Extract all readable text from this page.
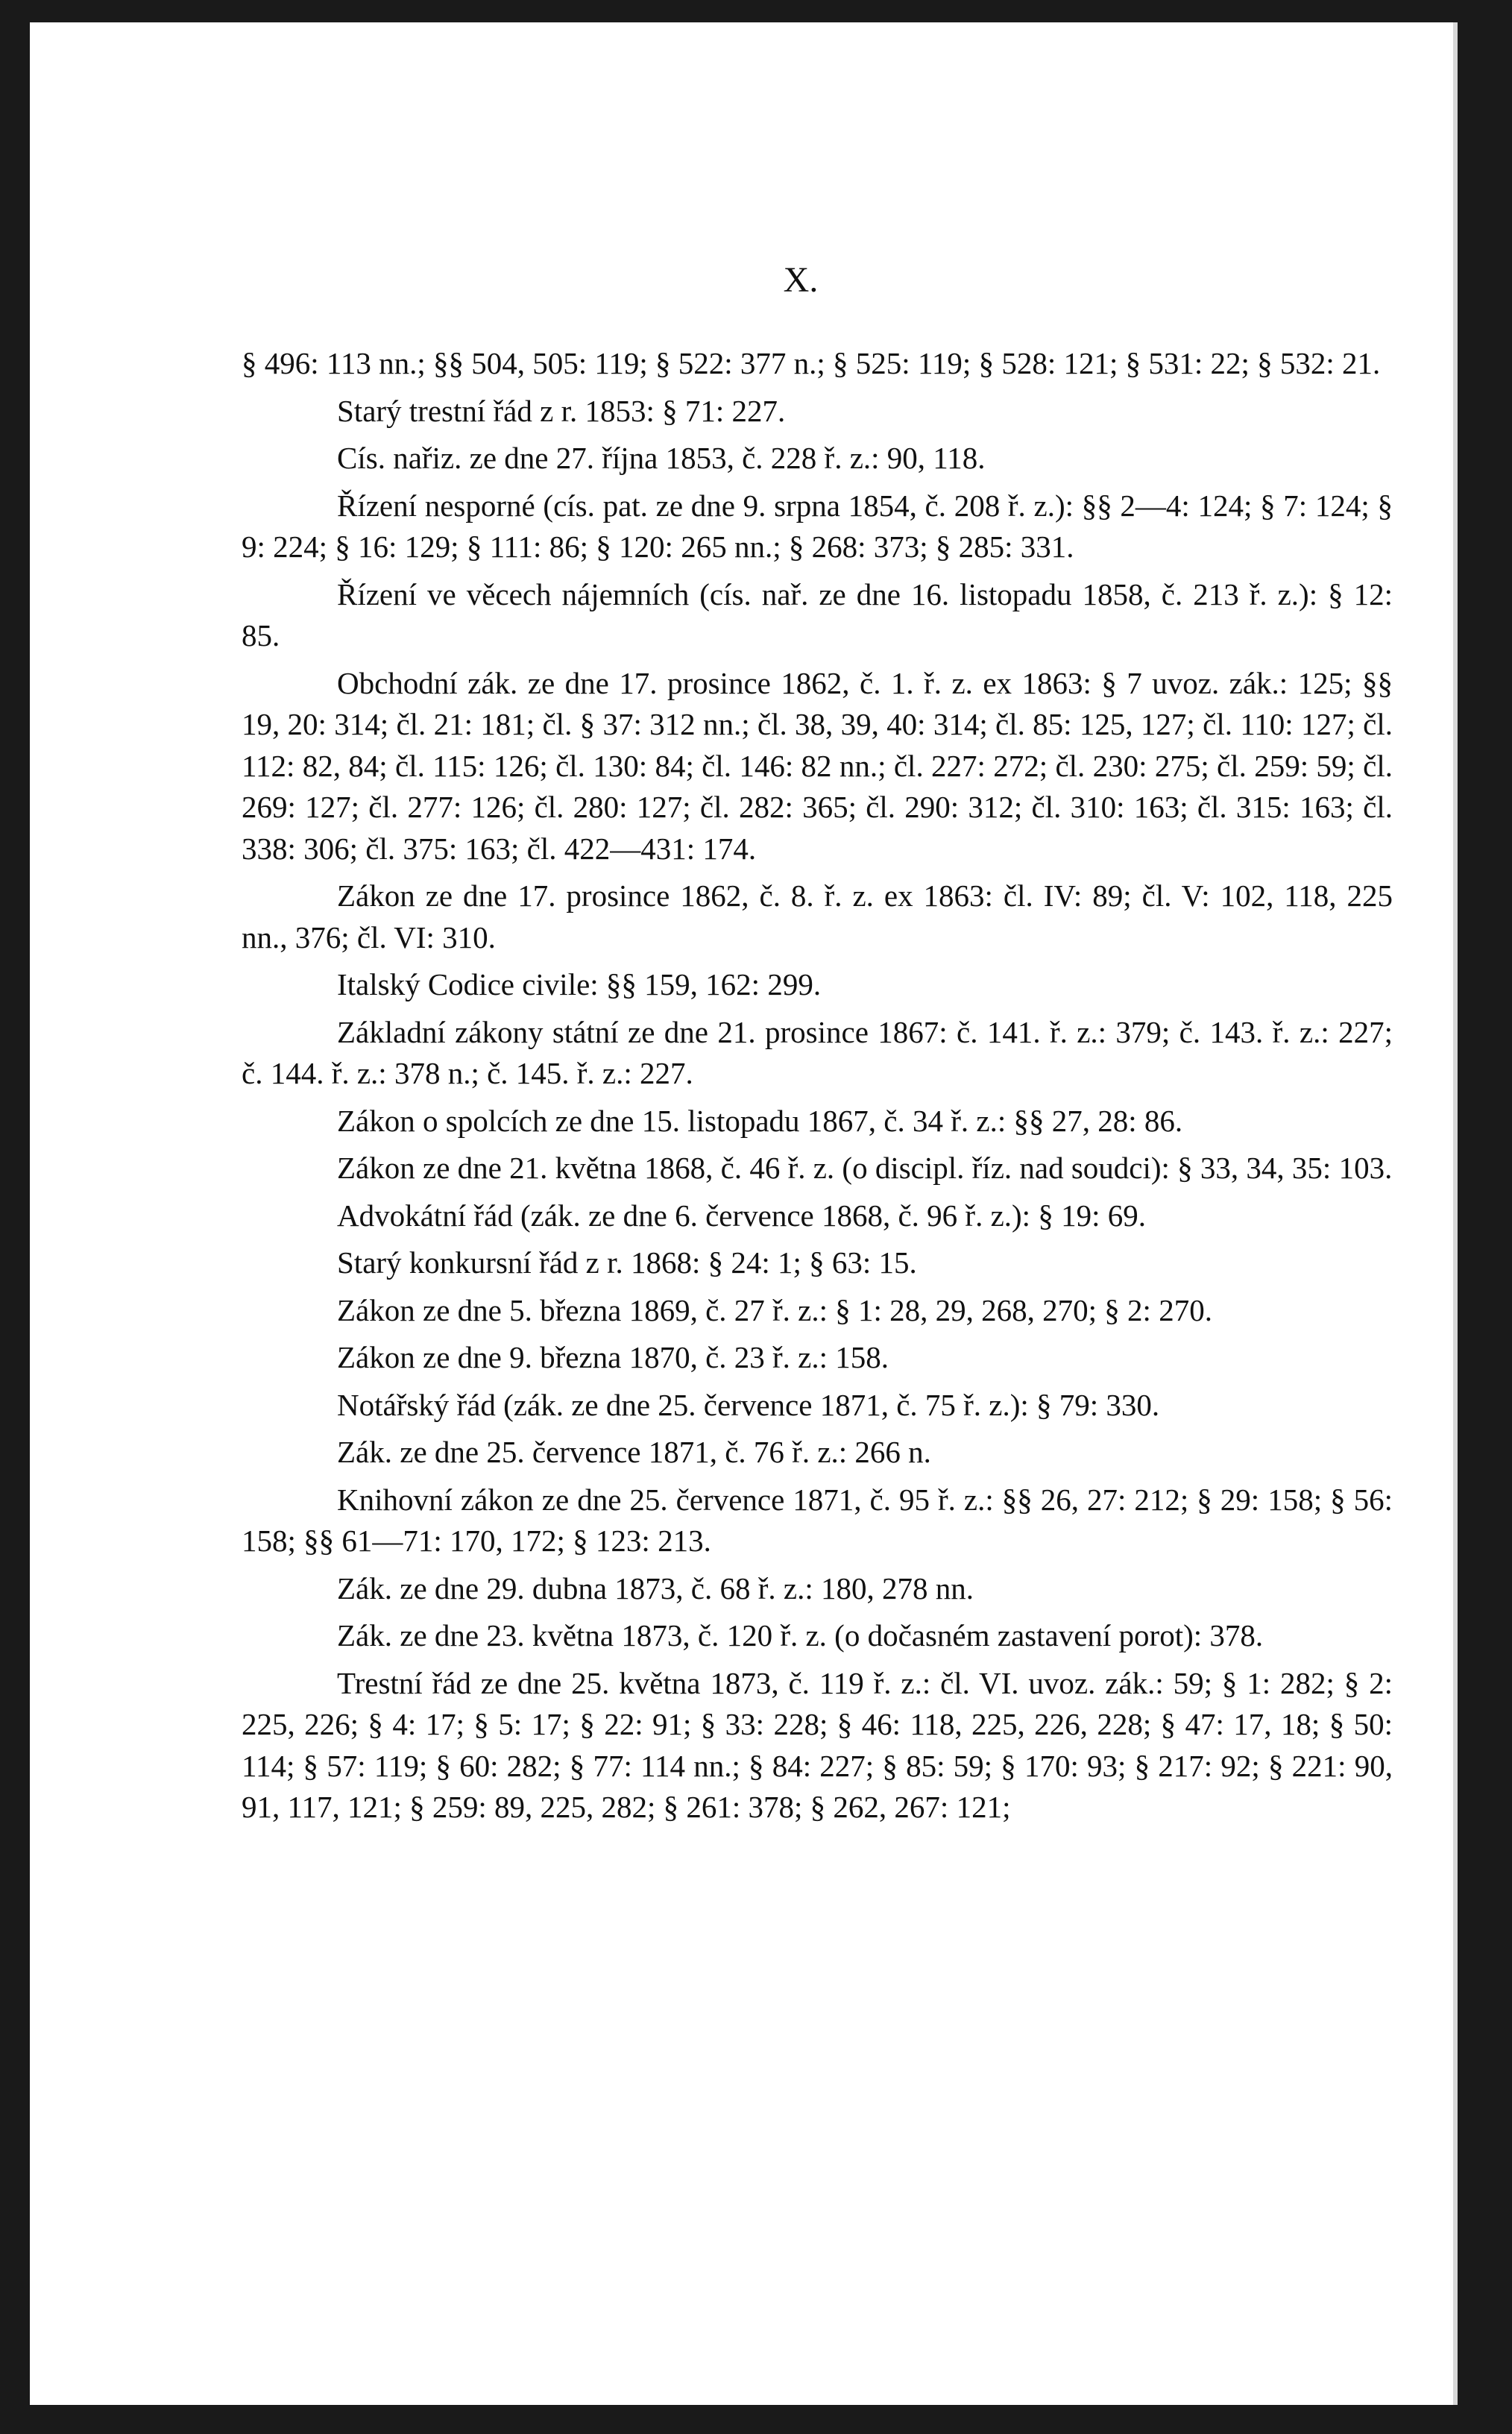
X.

§ 496: 113 nn.; §§ 504, 505: 119; § 522: 377 n.; § 525: 119; § 528: 121; § 531: 22; § 532: 21.

Starý trestní řád z r. 1853: § 71: 227.

Cís. nařiz. ze dne 27. října 1853, č. 228 ř. z.: 90, 118.

Řízení nesporné (cís. pat. ze dne 9. srpna 1854, č. 208 ř. z.): §§ 2—4: 124; § 7: 124; § 9: 224; § 16: 129; § 111: 86; § 120: 265 nn.; § 268: 373; § 285: 331.

Řízení ve věcech nájemních (cís. nař. ze dne 16. listopadu 1858, č. 213 ř. z.): § 12: 85.

Obchodní zák. ze dne 17. prosince 1862, č. 1. ř. z. ex 1863: § 7 uvoz. zák.: 125; §§ 19, 20: 314; čl. 21: 181; čl. § 37: 312 nn.; čl. 38, 39, 40: 314; čl. 85: 125, 127; čl. 110: 127; čl. 112: 82, 84; čl. 115: 126; čl. 130: 84; čl. 146: 82 nn.; čl. 227: 272; čl. 230: 275; čl. 259: 59; čl. 269: 127; čl. 277: 126; čl. 280: 127; čl. 282: 365; čl. 290: 312; čl. 310: 163; čl. 315: 163; čl. 338: 306; čl. 375: 163; čl. 422—431: 174.

Zákon ze dne 17. prosince 1862, č. 8. ř. z. ex 1863: čl. IV: 89; čl. V: 102, 118, 225 nn., 376; čl. VI: 310.

Italský Codice civile: §§ 159, 162: 299.

Základní zákony státní ze dne 21. prosince 1867: č. 141. ř. z.: 379; č. 143. ř. z.: 227; č. 144. ř. z.: 378 n.; č. 145. ř. z.: 227.

Zákon o spolcích ze dne 15. listopadu 1867, č. 34 ř. z.: §§ 27, 28: 86.

Zákon ze dne 21. května 1868, č. 46 ř. z. (o discipl. říz. nad soudci): § 33, 34, 35: 103.

Advokátní řád (zák. ze dne 6. července 1868, č. 96 ř. z.): § 19: 69.

Starý konkursní řád z r. 1868: § 24: 1; § 63: 15.

Zákon ze dne 5. března 1869, č. 27 ř. z.: § 1: 28, 29, 268, 270; § 2: 270.

Zákon ze dne 9. března 1870, č. 23 ř. z.: 158.

Notářský řád (zák. ze dne 25. července 1871, č. 75 ř. z.): § 79: 330.

Zák. ze dne 25. července 1871, č. 76 ř. z.: 266 n.

Knihovní zákon ze dne 25. července 1871, č. 95 ř. z.: §§ 26, 27: 212; § 29: 158; § 56: 158; §§ 61—71: 170, 172; § 123: 213.

Zák. ze dne 29. dubna 1873, č. 68 ř. z.: 180, 278 nn.

Zák. ze dne 23. května 1873, č. 120 ř. z. (o dočasném zastavení porot): 378.

Trestní řád ze dne 25. května 1873, č. 119 ř. z.: čl. VI. uvoz. zák.: 59; § 1: 282; § 2: 225, 226; § 4: 17; § 5: 17; § 22: 91; § 33: 228; § 46: 118, 225, 226, 228; § 47: 17, 18; § 50: 114; § 57: 119; § 60: 282; § 77: 114 nn.; § 84: 227; § 85: 59; § 170: 93; § 217: 92; § 221: 90, 91, 117, 121; § 259: 89, 225, 282; § 261: 378; § 262, 267: 121;
